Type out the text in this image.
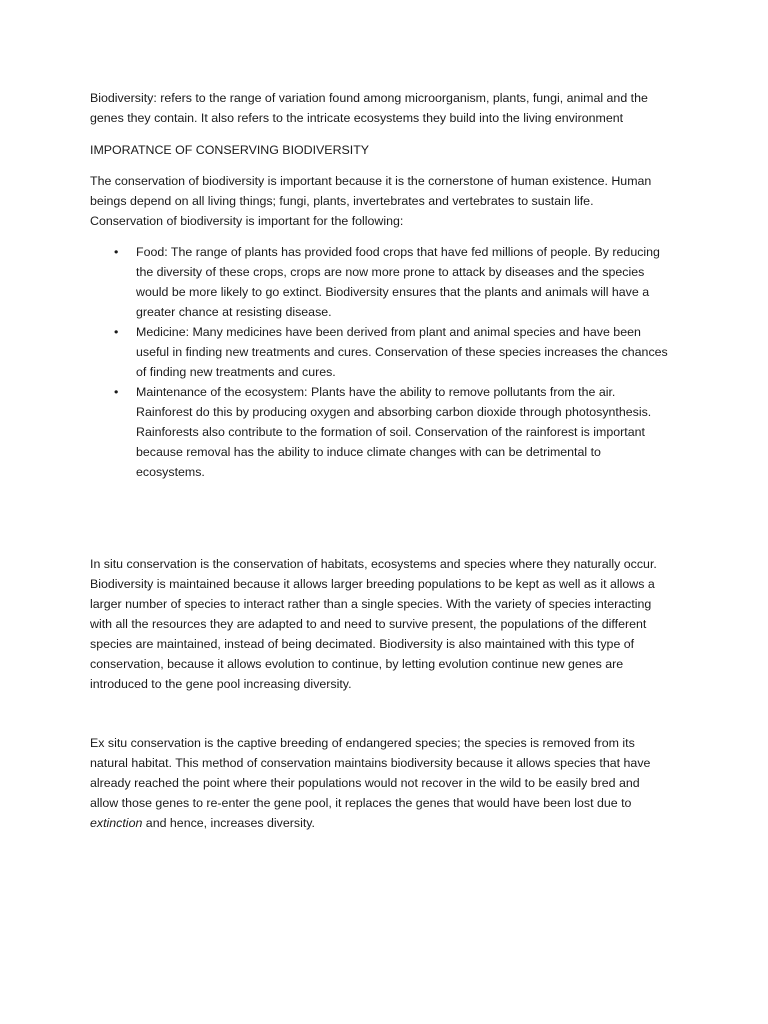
Biodiversity: refers to the range of variation found among microorganism, plants, fungi, animal and the
genes they contain. It also refers to the intricate ecosystems they build into the living environment

IMPORATNCE OF CONSERVING BIODIVERSITY

The conservation of biodiversity is important because it is the cornerstone of human existence. Human
beings depend on all living things; fungi, plants, invertebrates and vertebrates to sustain life.
Conservation of biodiversity is important for the following:

• Food: The range of plants has provided food crops that have fed millions of people. By reducing
the diversity of these crops, crops are now more prone to attack by diseases and the species
would be more likely to go extinct. Biodiversity ensures that the plants and animals will have a
greater chance at resisting disease.
• Medicine: Many medicines have been derived from plant and animal species and have been
useful in finding new treatments and cures. Conservation of these species increases the chances
of finding new treatments and cures.
• Maintenance of the ecosystem: Plants have the ability to remove pollutants from the air.
Rainforest do this by producing oxygen and absorbing carbon dioxide through photosynthesis.
Rainforests also contribute to the formation of soil. Conservation of the rainforest is important
because removal has the ability to induce climate changes with can be detrimental to
ecosystems.

In situ conservation is the conservation of habitats, ecosystems and species where they naturally occur.
Biodiversity is maintained because it allows larger breeding populations to be kept as well as it allows a
larger number of species to interact rather than a single species. With the variety of species interacting
with all the resources they are adapted to and need to survive present, the populations of the different
species are maintained, instead of being decimated. Biodiversity is also maintained with this type of
conservation, because it allows evolution to continue, by letting evolution continue new genes are
introduced to the gene pool increasing diversity.

Ex situ conservation is the captive breeding of endangered species; the species is removed from its
natural habitat. This method of conservation maintains biodiversity because it allows species that have
already reached the point where their populations would not recover in the wild to be easily bred and
allow those genes to re-enter the gene pool, it replaces the genes that would have been lost due to
extinction and hence, increases diversity.
